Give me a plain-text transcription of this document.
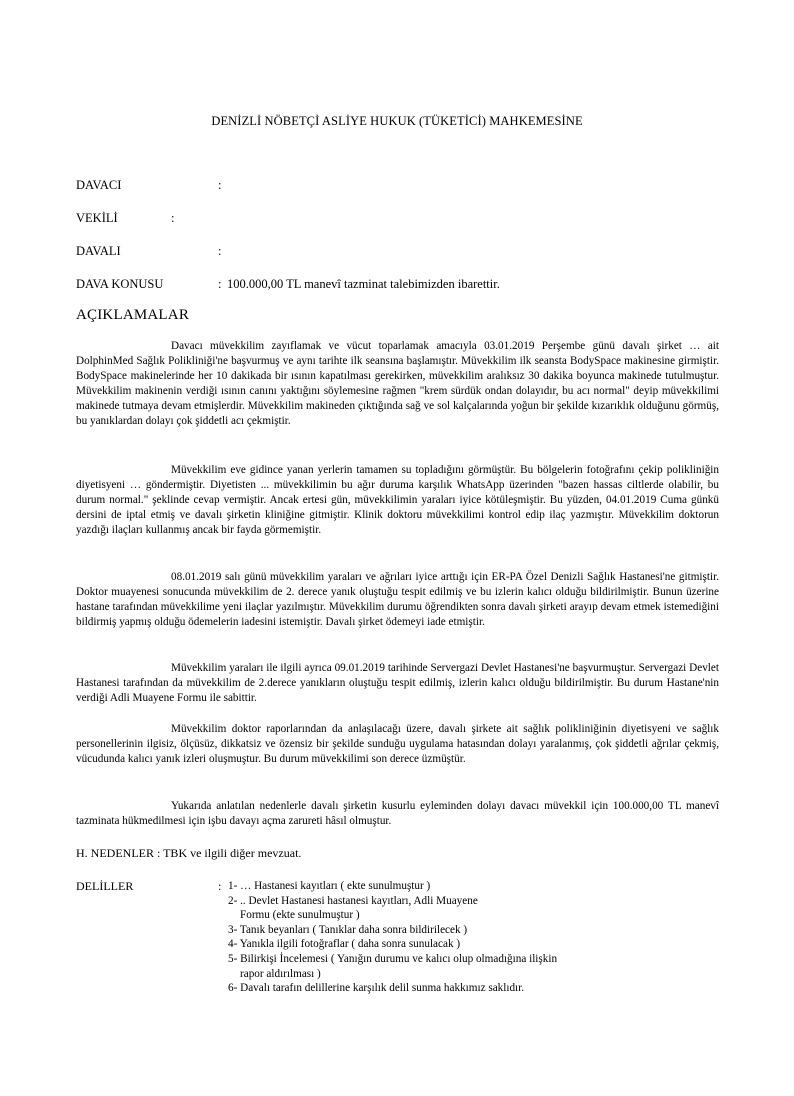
DENİZLİ NÖBETÇİ ASLİYE HUKUK (TÜKETİCİ) MAHKEMESİNE
DAVACI	:
VEKİLİ	:
DAVALI	:
DAVA KONUSU	: 100.000,00 TL manevî tazminat talebimizden ibarettir.
AÇIKLAMALAR

Davacı müvekkilim zayıflamak ve vücut toparlamak amacıyla 03.01.2019 Perşembe günü davalı şirket … ait DolphinMed Sağlık Polikliniği'ne başvurmuş ve aynı tarihte ilk seansına başlamıştır. Müvekkilim ilk seansta BodySpace makinesine girmiştir. BodySpace makinelerinde her 10 dakikada bir ısının kapatılması gerekirken, müvekkilim aralıksız 30 dakika boyunca makinede tutulmuştur. Müvekkilim makinenin verdiği ısının canını yaktığını söylemesine rağmen "krem sürdük ondan dolayıdır, bu acı normal" deyip müvekkilimi makinede tutmaya devam etmişlerdir. Müvekkilim makineden çıktığında sağ ve sol kalçalarında yoğun bir şekilde kızarıklık olduğunu görmüş, bu yanıklardan dolayı çok şiddetli acı çekmiştir.

Müvekkilim eve gidince yanan yerlerin tamamen su topladığını görmüştür. Bu bölgelerin fotoğrafını çekip polikliniğin diyetisyeni … göndermiştir. Diyetisten ... müvekkilimin bu ağır duruma karşılık WhatsApp üzerinden "bazen hassas ciltlerde olabilir, bu durum normal." şeklinde cevap vermiştir. Ancak ertesi gün, müvekkilimin yaraları iyice kötüleşmiştir. Bu yüzden, 04.01.2019 Cuma günkü dersini de iptal etmiş ve davalı şirketin kliniğine gitmiştir. Klinik doktoru müvekkilimi kontrol edip ilaç yazmıştır. Müvekkilim doktorun yazdığı ilaçları kullanmış ancak bir fayda görmemiştir.

08.01.2019 salı günü müvekkilim yaraları ve ağrıları iyice arttığı için ER-PA Özel Denizli Sağlık Hastanesi'ne gitmiştir. Doktor muayenesi sonucunda müvekkilim de 2. derece yanık oluştuğu tespit edilmiş ve bu izlerin kalıcı olduğu bildirilmiştir. Bunun üzerine hastane tarafından müvekkilime yeni ilaçlar yazılmıştır. Müvekkilim durumu öğrendikten sonra davalı şirketi arayıp devam etmek istemediğini bildirmiş yapmış olduğu ödemelerin iadesini istemiştir. Davalı şirket ödemeyi iade etmiştir.

Müvekkilim yaraları ile ilgili ayrıca 09.01.2019 tarihinde Servergazi Devlet Hastanesi'ne başvurmuştur. Servergazi Devlet Hastanesi tarafından da müvekkilim de 2.derece yanıkların oluştuğu tespit edilmiş, izlerin kalıcı olduğu bildirilmiştir. Bu durum Hastane'nin verdiği Adli Muayene Formu ile sabittir.

Müvekkilim doktor raporlarından da anlaşılacağı üzere, davalı şirkete ait sağlık polikliniğinin diyetisyeni ve sağlık personellerinin ilgisiz, ölçüsüz, dikkatsiz ve özensiz bir şekilde sunduğu uygulama hatasından dolayı yaralanmış, çok şiddetli ağrılar çekmiş, vücudunda kalıcı yanık izleri oluşmuştur. Bu durum müvekkilimi son derece üzmüştür.

Yukarıda anlatılan nedenlerle davalı şirketin kusurlu eyleminden dolayı davacı müvekkil için 100.000,00 TL manevî tazminata hükmedilmesi için işbu davayı açma zarureti hâsıl olmuştur.

H. NEDENLER : TBK ve ilgili diğer mevzuat.
DELİLLER	: 1- … Hastanesi kayıtları ( ekte sunulmuştur )
2- .. Devlet Hastanesi hastanesi kayıtları, Adli Muayene
Formu (ekte sunulmuştur )
3- Tanık beyanları ( Tanıklar daha sonra bildirilecek )
4- Yanıkla ilgili fotoğraflar ( daha sonra sunulacak )
5- Bilirkişi İncelemesi ( Yanığın durumu ve kalıcı olup olmadığına ilişkin
rapor aldırılması )
6- Davalı tarafın delillerine karşılık delil sunma hakkımız saklıdır.
